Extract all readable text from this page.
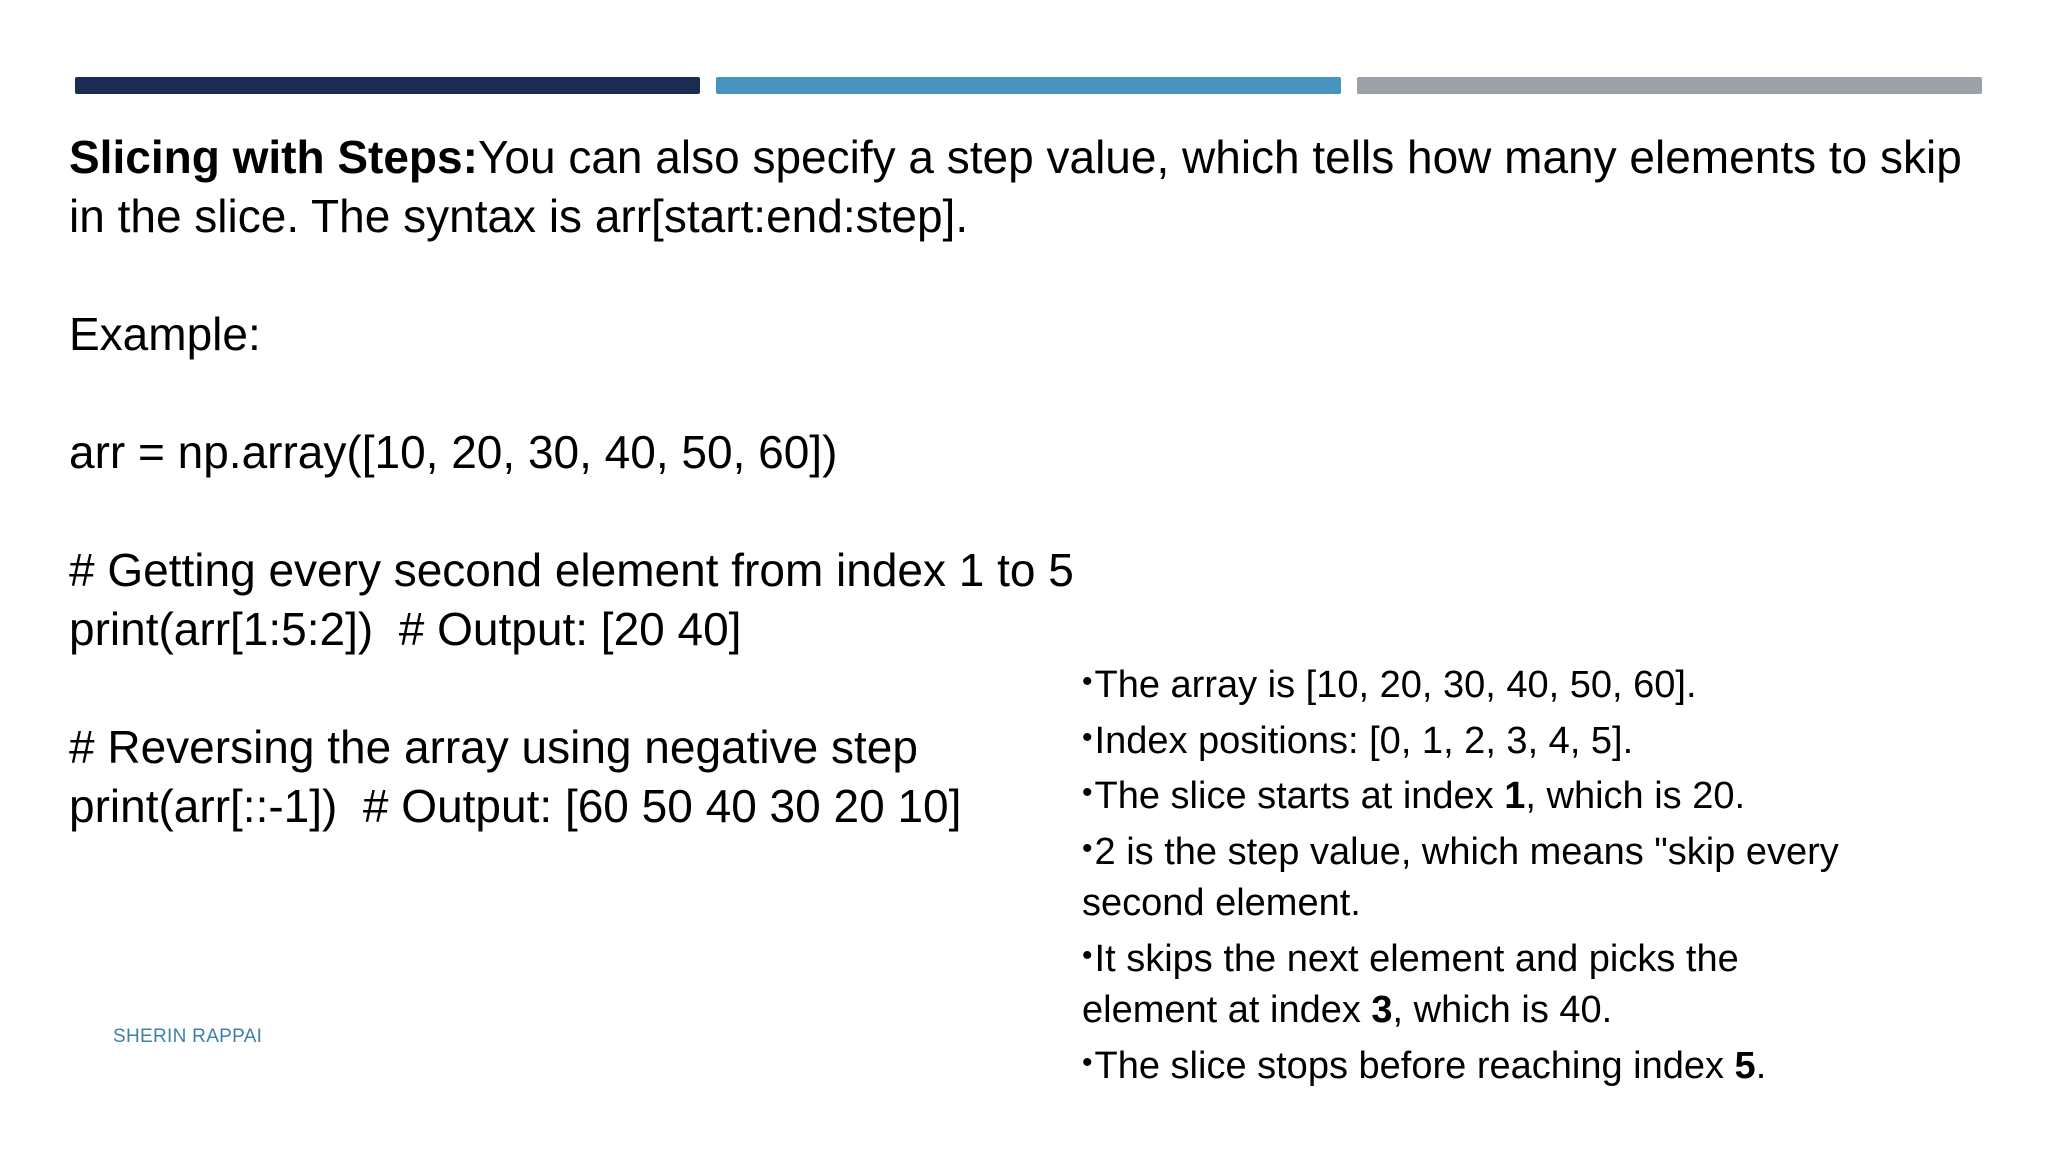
Slicing with Steps:You can also specify a step value, which tells how many elements to skip

in the slice. The syntax is arr[start:end:step].

Example:

arr = np.array([10, 20, 30, 40, 50, 60])

# Getting every second element from index 1 to 5

print(arr[1:5:2])  # Output: [20 40]

# Reversing the array using negative step

print(arr[::-1])  # Output: [60 50 40 30 20 10]

•The array is [10, 20, 30, 40, 50, 60].

•Index positions: [0, 1, 2, 3, 4, 5].

•The slice starts at index 1, which is 20.

•2 is the step value, which means "skip every

second element.

•It skips the next element and picks the

element at index 3, which is 40.

•The slice stops before reaching index 5.

SHERIN RAPPAI
